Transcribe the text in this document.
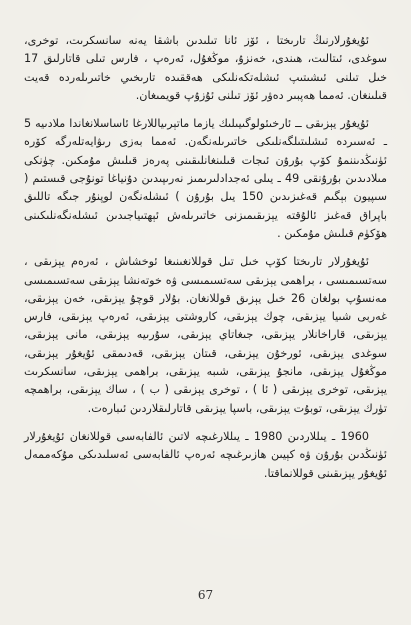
ئۇيغۇرلارنىڭ تارىختا ، ئۆز ئانا تىلىدىن باشقا يەنە سانسكرىت، توخرى، سوغدى، ئىتالىت، ھىندى، خەنزۇ، موڭغۇل، ئەرەپ ، فارس تىلى قاتارلىق 17 خىل تىلنى ئىشىتىپ ئىشلەتكەنلىكى ھەققىدە تارىخىي خاتىرىلەردە قەيت قىلىنغان. ئەمما ھەپبىر دەۋر ئۆز تىلنى ئۇزۇپ قويمىغان.

ئۇيغۇر يېزىقى ــ ئارخىئولوگىيىلىك يازما ماتېرىياللارغا ئاساسلانغاندا ملادىيە 5 ـ ئەسىردە ئىشلىتىلگەنلىكى خاتىرىلەنگەن. ئەمما بەزى رىۋايەتلەرگە كۆرە ئۈنىڭدىننمۇ كۆپ بۇرۇن ئىجات قىلىنغانلىقىنى پەرەز قىلىش مۇمكىن. چۈنكى مىلادىدىن بۇرۇنقى 49 ـ يىلى ئەجدادلىرىمىز نەرىپىدىن دۇنياغا تونۇجى قىستىم ( سىپيون بېگىم قەغىزىدىن 150 يىل بۇرۇن ) ئىشلەنگەن لوپنۇر جىگە تاللىق باپراق قەغىز ئالۇقتە يېزىقىمىزنى خاتىرىلەش ئېھتىياجىدىن ئىشلەنگەنلىكىنى ھۆكۈم قىلىش مۇمكىن .

ئۇيغۇرلار تارىختا كۆپ خىل تىل قوللانغىنىغا ئوخشاش ، ئەرەم يېزىقى ، سەتسىمىسى ، براھمى يېزىقى سەتسىمىسى ۋە خوتەنشا يېزىقى سەتسىمىسى مەنسۇپ بولغان 26 خىل يېزىق قوللانغان. بۇلار قوچۇ يېزىقى، خەن يېزىقى، غەربى شىيا يېزىقى، چوك يېزىقى، كاروشتى يېزىقى، ئەرەپ يېزىقى، فارس يېزىقى، قاراخانلار يېزىقى، جىغاتاي يېزىقى، سۇرىيە يېزىقى، مانى يېزىقى، سوغدى يېزىقى، ئورخۇن يېزىقى، قىتان يېزىقى، قەدىمقى ئۇيغۇر يېزىقى، موڭغۇل يېزىقى، مانجۇ يېزىقى، شىبە يېزىقى، براھمى يېزىقى، سانسكرىت يېزىقى، توخرى يېزىقى ( ئا ) ، توخرى يېزىقى ( ب ) ، ساك يېزىقى، براھمچە تۈرك يېزىقى، توبۇت يېزىقى، باسپا يېزىقى قاتارلىقلاردىن ئىبارەت.

1960 ـ يىللاردىن 1980 ـ يىللارغىچە لاتىن ئالفابەسى قوللانغان ئۇيغۇرلار ئۈنىڭدىن بۇرۇن ۋە كېيىن ھازىرغىچە ئەرەپ ئالفابەسى ئەسلىدىكى مۇكەممەل ئۇيغۇر يېزىقىنى قوللانماقتا.

67
